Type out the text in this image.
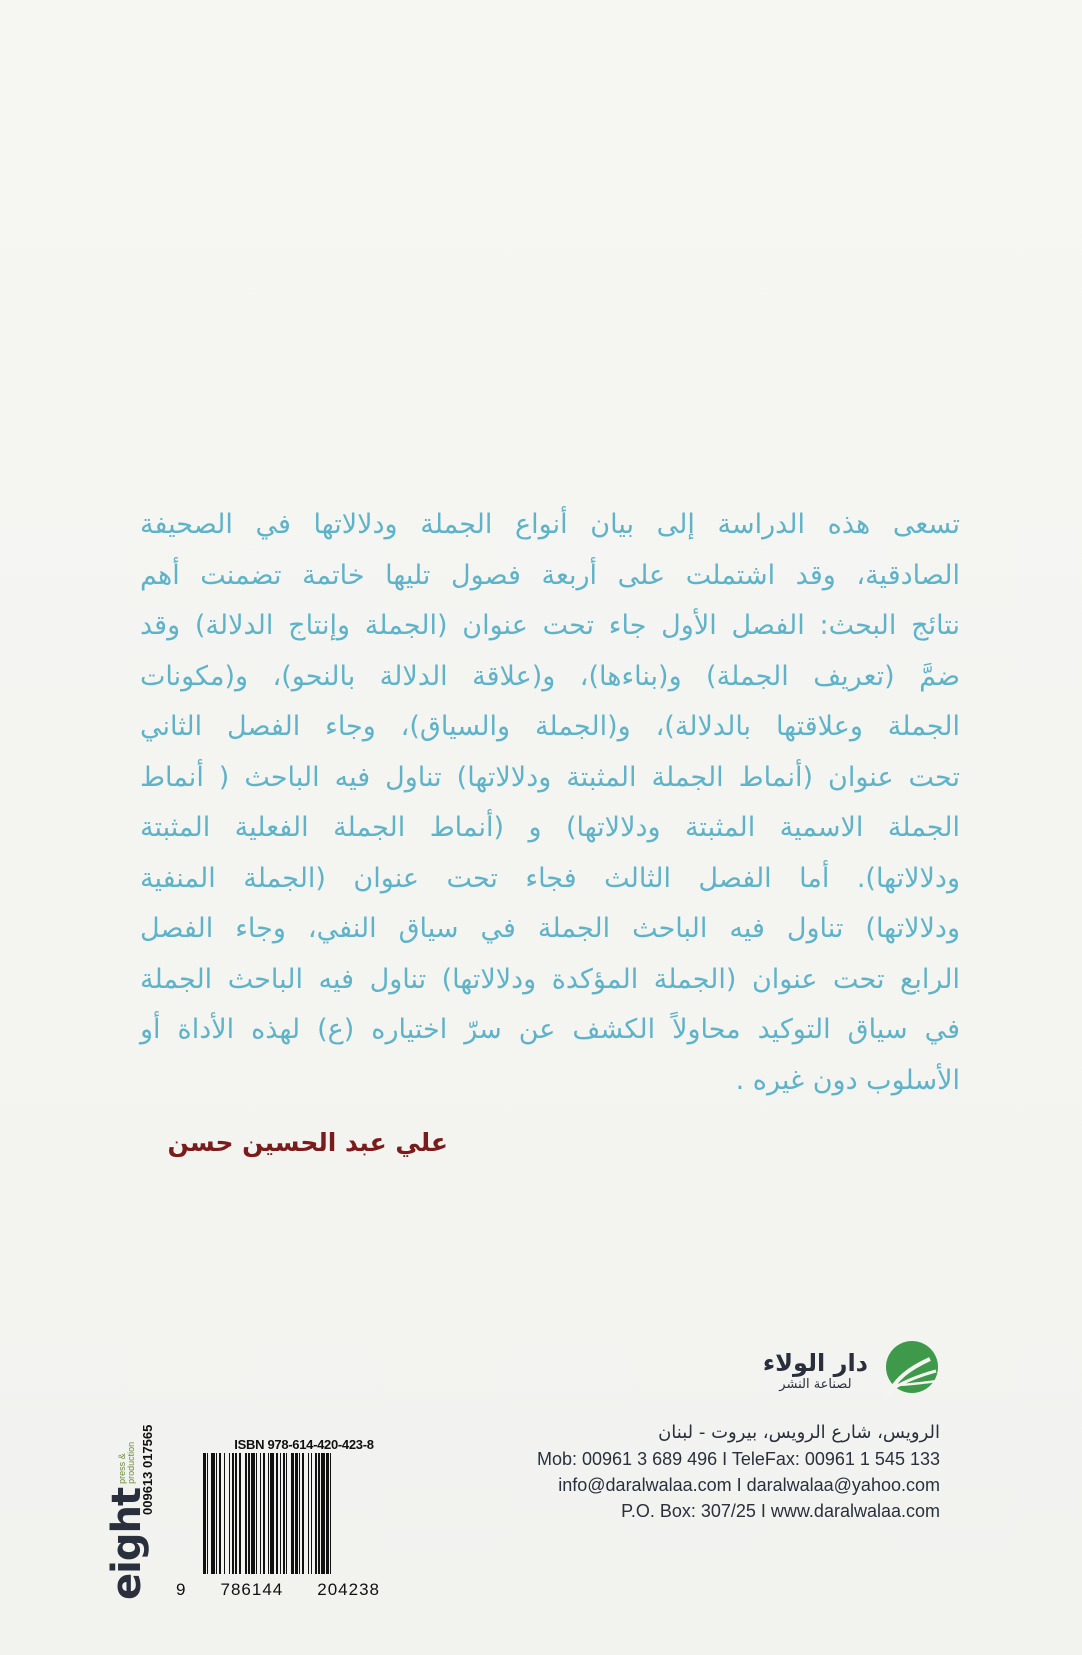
تسعى هذه الدراسة إلى بيان أنواع الجملة ودلالاتها في الصحيفة
الصادقية، وقد اشتملت على أربعة فصول تليها خاتمة تضمنت أهم
نتائج البحث: الفصل الأول جاء تحت عنوان (الجملة وإنتاج الدلالة) وقد
ضمَّ (تعريف الجملة) و(بناءها)، و(علاقة الدلالة بالنحو)، و(مكونات
الجملة وعلاقتها بالدلالة)، و(الجملة والسياق)، وجاء الفصل الثاني
تحت عنوان (أنماط الجملة المثبتة ودلالاتها) تناول فيه الباحث ( أنماط
الجملة الاسمية المثبتة ودلالاتها) و (أنماط الجملة الفعلية المثبتة
ودلالاتها). أما الفصل الثالث فجاء تحت عنوان (الجملة المنفية
ودلالاتها) تناول فيه الباحث الجملة في سياق النفي، وجاء الفصل
الرابع تحت عنوان (الجملة المؤكدة ودلالاتها) تناول فيه الباحث الجملة
في سياق التوكيد محاولاً الكشف عن سرّ اختياره (ع) لهذه الأداة أو
الأسلوب دون غيره .
علي عبد الحسين حسن
ISBN 978-614-420-423-8
9 786144 204238
009613 017565
eight
press &
production
دار الولاء
لصناعة النشر
الرويس، شارع الرويس، بيروت - لبنان
Mob: 00961 3 689 496 I TeleFax: 00961 1 545 133
info@daralwalaa.com I daralwalaa@yahoo.com
P.O. Box: 307/25 I www.daralwalaa.com
